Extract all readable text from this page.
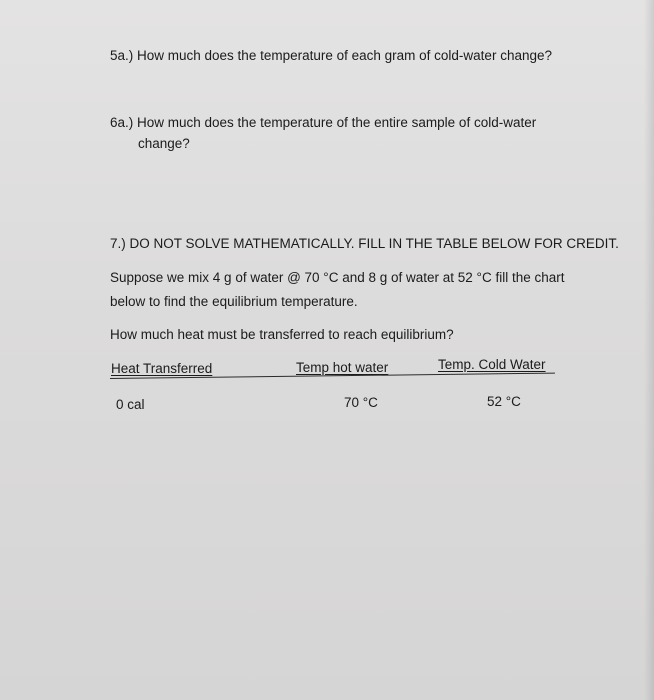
5a.) How much does the temperature of each gram of cold-water change?
6a.) How much does the temperature of the entire sample of cold-water
change?
7.) DO NOT SOLVE MATHEMATICALLY. FILL IN THE TABLE BELOW FOR CREDIT.
Suppose we mix 4 g of water @ 70 °C and 8 g of water at 52 °C fill the chart
below to find the equilibrium temperature.
How much heat must be transferred to reach equilibrium?
Heat Transferred	Temp hot water	Temp. Cold Water
0 cal	70 °C	52 °C
